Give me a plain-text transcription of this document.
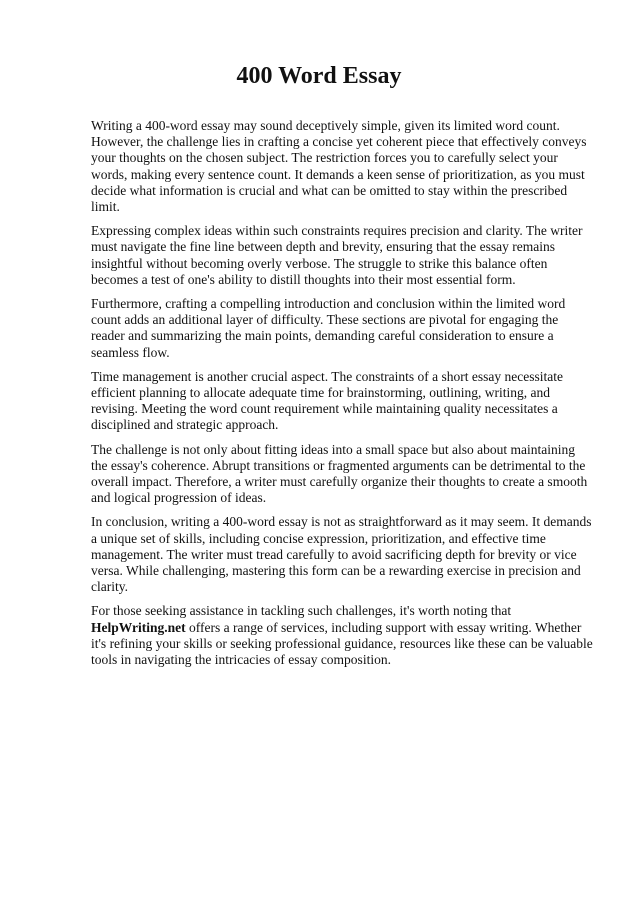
400 Word Essay

Writing a 400-word essay may sound deceptively simple, given its limited word count. However, the challenge lies in crafting a concise yet coherent piece that effectively conveys your thoughts on the chosen subject. The restriction forces you to carefully select your words, making every sentence count. It demands a keen sense of prioritization, as you must decide what information is crucial and what can be omitted to stay within the prescribed limit.

Expressing complex ideas within such constraints requires precision and clarity. The writer must navigate the fine line between depth and brevity, ensuring that the essay remains insightful without becoming overly verbose. The struggle to strike this balance often becomes a test of one's ability to distill thoughts into their most essential form.

Furthermore, crafting a compelling introduction and conclusion within the limited word count adds an additional layer of difficulty. These sections are pivotal for engaging the reader and summarizing the main points, demanding careful consideration to ensure a seamless flow.

Time management is another crucial aspect. The constraints of a short essay necessitate efficient planning to allocate adequate time for brainstorming, outlining, writing, and revising. Meeting the word count requirement while maintaining quality necessitates a disciplined and strategic approach.

The challenge is not only about fitting ideas into a small space but also about maintaining the essay's coherence. Abrupt transitions or fragmented arguments can be detrimental to the overall impact. Therefore, a writer must carefully organize their thoughts to create a smooth and logical progression of ideas.

In conclusion, writing a 400-word essay is not as straightforward as it may seem. It demands a unique set of skills, including concise expression, prioritization, and effective time management. The writer must tread carefully to avoid sacrificing depth for brevity or vice versa. While challenging, mastering this form can be a rewarding exercise in precision and clarity.

For those seeking assistance in tackling such challenges, it's worth noting that HelpWriting.net offers a range of services, including support with essay writing. Whether it's refining your skills or seeking professional guidance, resources like these can be valuable tools in navigating the intricacies of essay composition.
